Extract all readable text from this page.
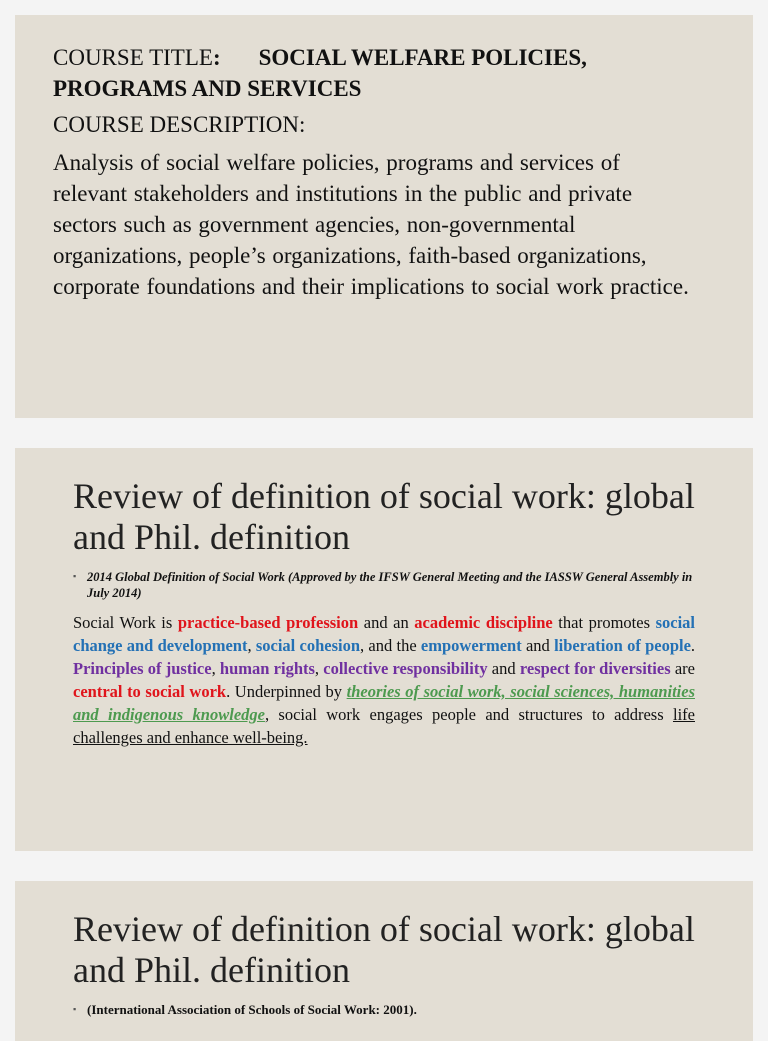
COURSE TITLE: SOCIAL WELFARE POLICIES,
PROGRAMS AND SERVICES
COURSE DESCRIPTION:

Analysis of social welfare policies, programs and services of relevant stakeholders and institutions in the public and private sectors such as government agencies, non-governmental organizations, people’s organizations, faith-based organizations, corporate foundations and their implications to social work practice.

Review of definition of social work: global and Phil. definition
▪ 2014 Global Definition of Social Work (Approved by the IFSW General Meeting and the IASSW General Assembly in July 2014)

Social Work is practice-based profession and an academic discipline that promotes social change and development, social cohesion, and the empowerment and liberation of people. Principles of justice, human rights, collective responsibility and respect for diversities are central to social work. Underpinned by theories of social work, social sciences, humanities and indigenous knowledge, social work engages people and structures to address life challenges and enhance well-being.

Review of definition of social work: global and Phil. definition
▪ (International Association of Schools of Social Work: 2001).
